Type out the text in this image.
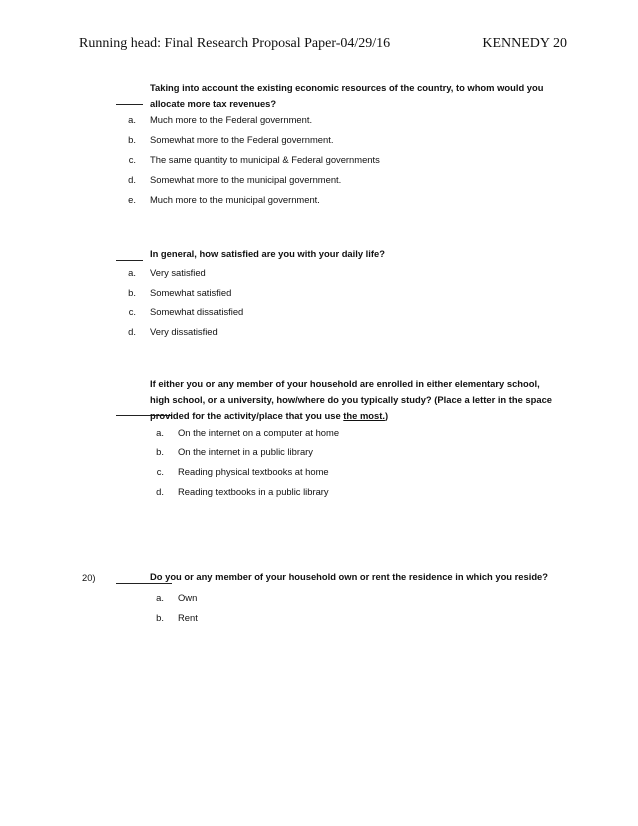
Running head: Final Research Proposal Paper-04/29/16	KENNEDY 20
Taking into account the existing economic resources of the country, to whom would you allocate more tax revenues?
a. Much more to the Federal government.
b. Somewhat more to the Federal government.
c. The same quantity to municipal & Federal governments
d. Somewhat more to the municipal government.
e. Much more to the municipal government.
In general, how satisfied are you with your daily life?
a. Very satisfied
b. Somewhat satisfied
c. Somewhat dissatisfied
d. Very dissatisfied
If either you or any member of your household are enrolled in either elementary school, high school, or a university, how/where do you typically study? (Place a letter in the space provided for the activity/place that you use the most.)
a. On the internet on a computer at home
b. On the internet in a public library
c. Reading physical textbooks at home
d. Reading textbooks in a public library
20)	Do you or any member of your household own or rent the residence in which you reside?
a. Own
b. Rent
